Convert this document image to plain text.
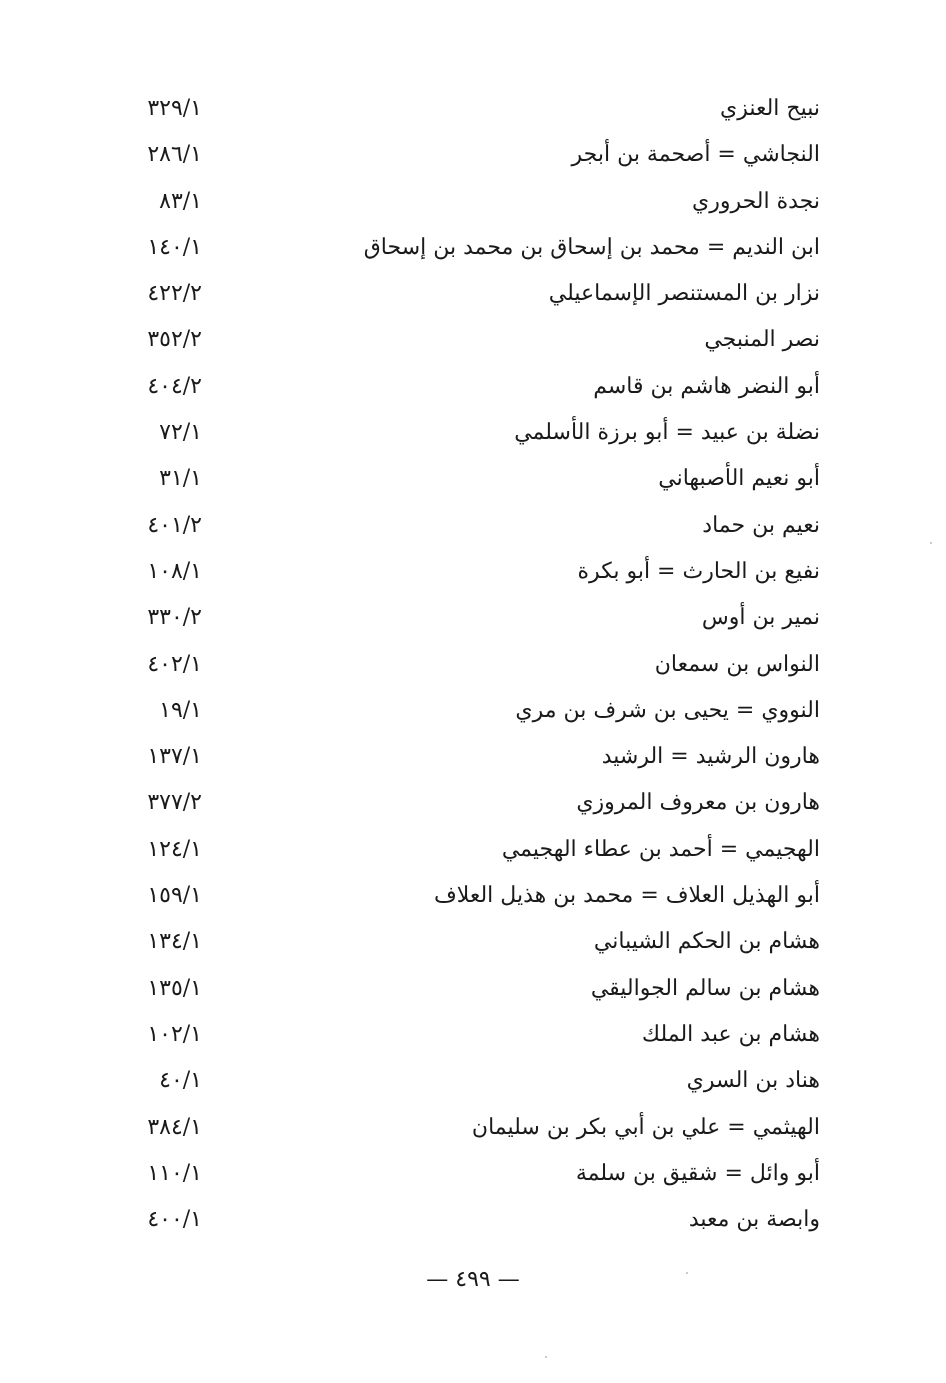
نبيح العنزي
٣٢٩/١
النجاشي = أصحمة بن أبجر
٢٨٦/١
نجدة الحروري
٨٣/١
ابن النديم = محمد بن إسحاق بن محمد بن إسحاق
١٤٠/١
نزار بن المستنصر الإسماعيلي
٤٢٢/٢
نصر المنبجي
٣٥٢/٢
أبو النضر هاشم بن قاسم
٤٠٤/٢
نضلة بن عبيد = أبو برزة الأسلمي
٧٢/١
أبو نعيم الأصبهاني
٣١/١
نعيم بن حماد
٤٠١/٢
نفيع بن الحارث = أبو بكرة
١٠٨/١
نمير بن أوس
٣٣٠/٢
النواس بن سمعان
٤٠٢/١
النووي = يحيى بن شرف بن مري
١٩/١
هارون الرشيد = الرشيد
١٣٧/١
هارون بن معروف المروزي
٣٧٧/٢
الهجيمي = أحمد بن عطاء الهجيمي
١٢٤/١
أبو الهذيل العلاف = محمد بن هذيل العلاف
١٥٩/١
هشام بن الحكم الشيباني
١٣٤/١
هشام بن سالم الجواليقي
١٣٥/١
هشام بن عبد الملك
١٠٢/١
هناد بن السري
٤٠/١
الهيثمي = علي بن أبي بكر بن سليمان
٣٨٤/١
أبو وائل = شقيق بن سلمة
١١٠/١
وابصة بن معبد
٤٠٠/١
— ٤٩٩ —
